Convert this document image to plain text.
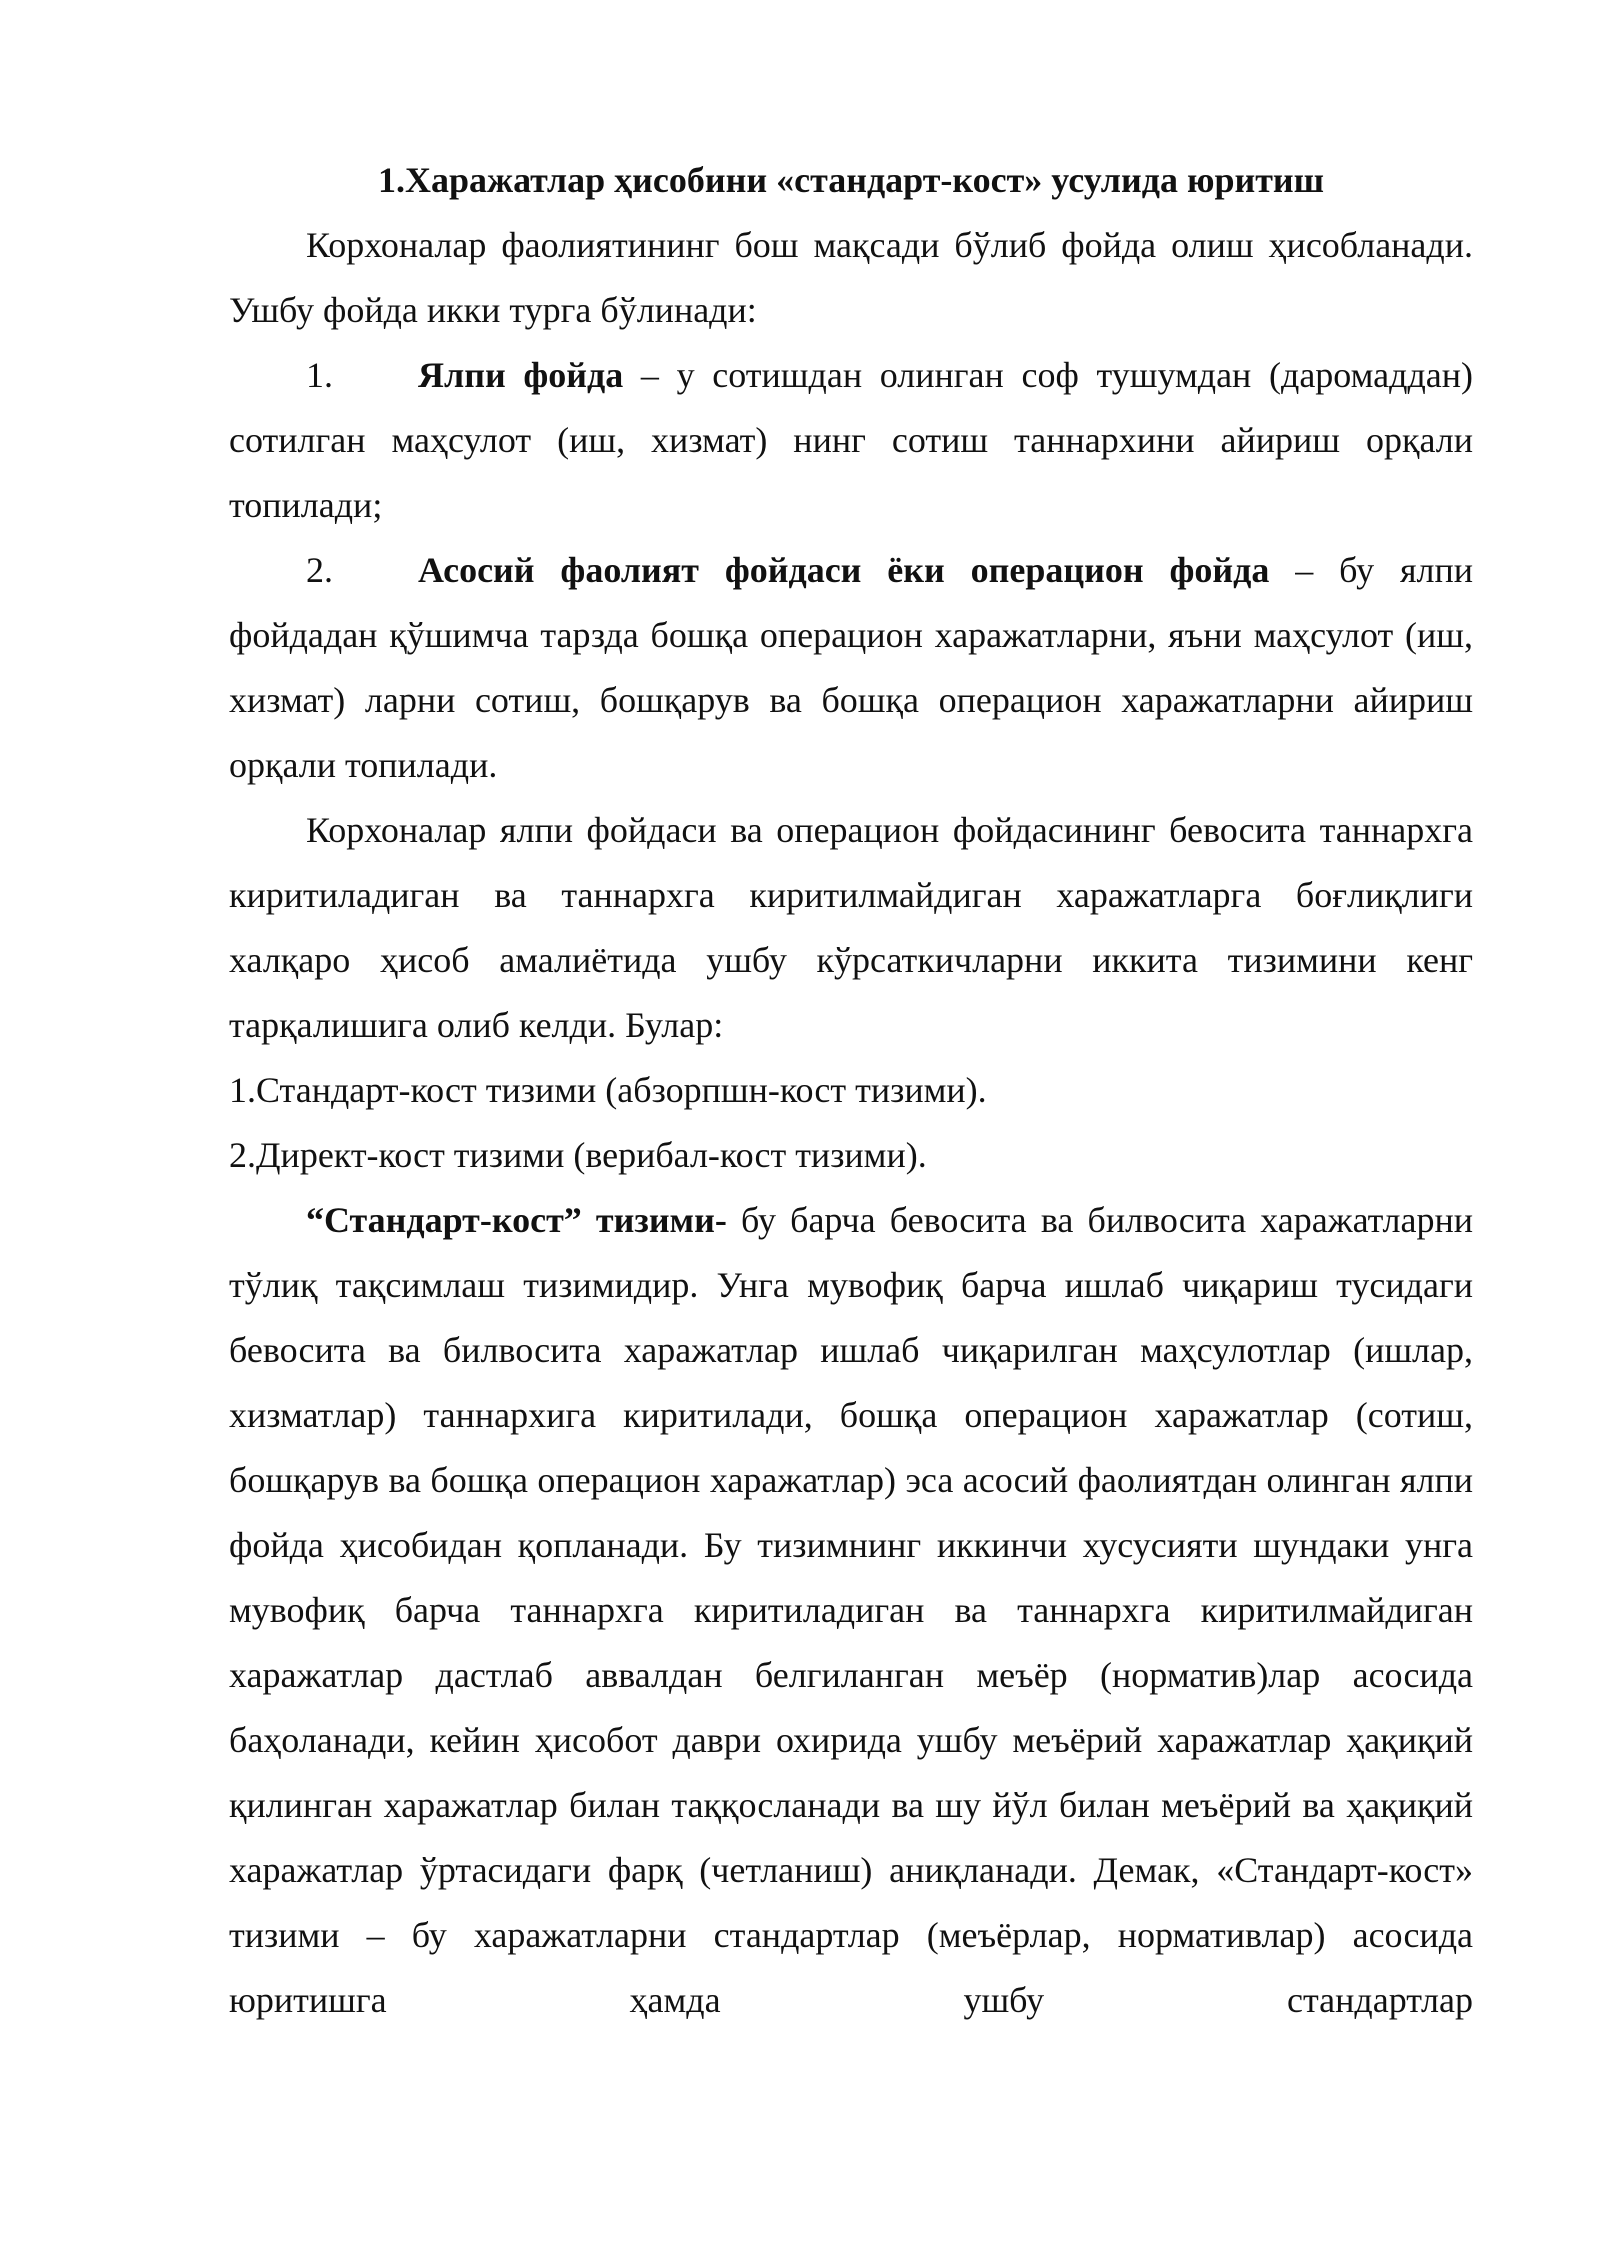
1.Харажатлар ҳисобини «стандарт-кост» усулида юритиш

Корхоналар фаолиятининг бош мақсади бўлиб фойда олиш ҳисобланади. Ушбу фойда икки турга бўлинади:

1. Ялпи фойда – у сотишдан олинган соф тушумдан (даромаддан) сотилган маҳсулот (иш, хизмат) нинг сотиш таннархини айириш орқали топилади;

2. Асосий фаолият фойдаси ёки операцион фойда – бу ялпи фойдадан қўшимча тарзда бошқа операцион харажатларни, яъни маҳсулот (иш, хизмат) ларни сотиш, бошқарув ва бошқа операцион харажатларни айириш орқали топилади.

Корхоналар ялпи фойдаси ва операцион фойдасининг бевосита таннархга киритиладиган ва таннархга киритилмайдиган харажатларга боғлиқлиги халқаро ҳисоб амалиётида ушбу кўрсаткичларни иккита тизимини кенг тарқалишига олиб келди. Булар:

1.Стандарт-кост тизими (абзорпшн-кост тизими).

2.Директ-кост тизими (верибал-кост тизими).

“Стандарт-кост” тизими- бу барча бевосита ва билвосита харажатларни тўлиқ тақсимлаш тизимидир. Унга мувофиқ барча ишлаб чиқариш тусидаги бевосита ва билвосита харажатлар ишлаб чиқарилган маҳсулотлар (ишлар, хизматлар) таннархига киритилади, бошқа операцион харажатлар (сотиш, бошқарув ва бошқа операцион харажатлар) эса асосий фаолиятдан олинган ялпи фойда ҳисобидан қопланади. Бу тизимнинг иккинчи хусусияти шундаки унга мувофиқ барча таннархга киритиладиган ва таннархга киритилмайдиган харажатлар дастлаб аввалдан белгиланган меъёр (норматив)лар асосида баҳоланади, кейин ҳисобот даври охирида ушбу меъёрий харажатлар ҳақиқий қилинган харажатлар билан таққосланади ва шу йўл билан меъёрий ва ҳақиқий харажатлар ўртасидаги фарқ (четланиш) аниқланади. Демак, «Стандарт-кост» тизими – бу харажатларни стандартлар (меъёрлар, нормативлар) асосида юритишга ҳамда ушбу стандартлар
